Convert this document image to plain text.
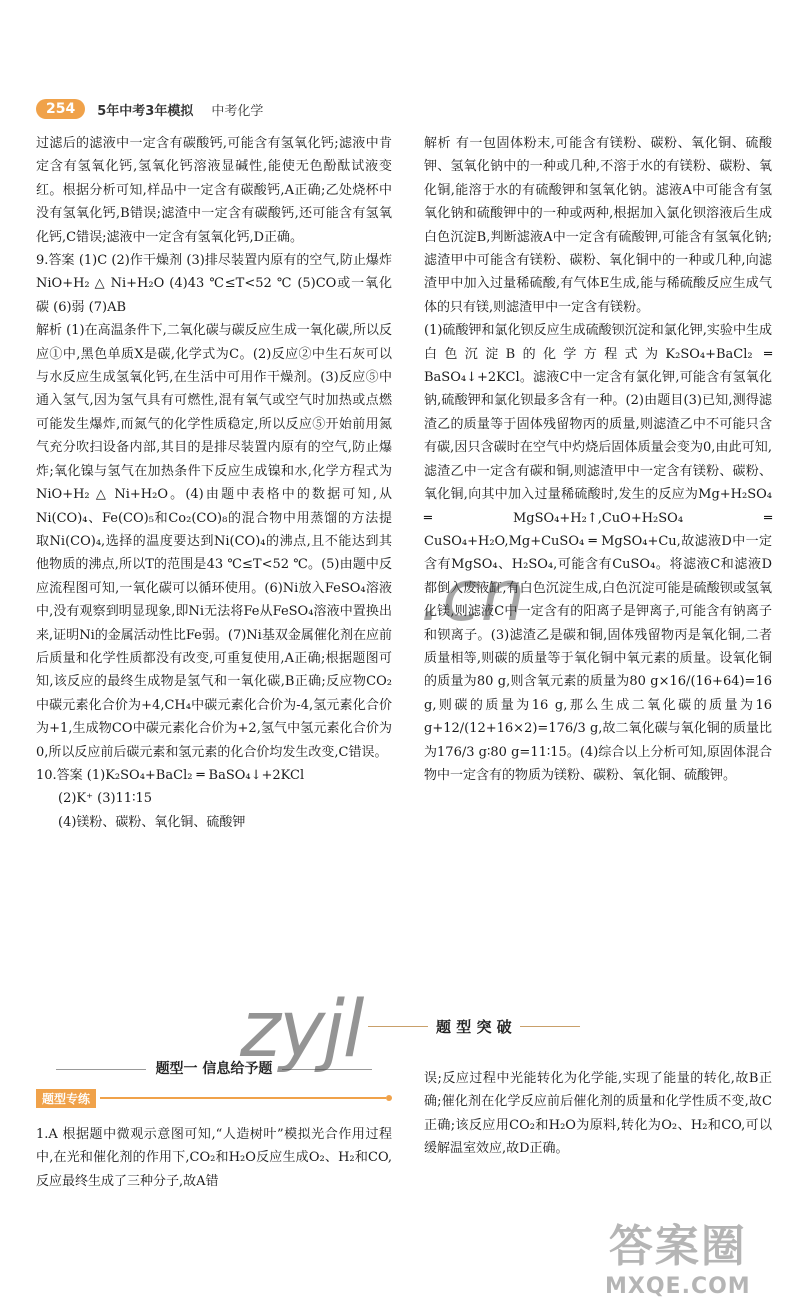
254	5年中考3年模拟 中考化学

过滤后的滤液中一定含有碳酸钙,可能含有氢氧化钙;滤液中肯定含有氢氧化钙,氢氧化钙溶液显碱性,能使无色酚酞试液变红。根据分析可知,样品中一定含有碳酸钙,A正确;乙处烧杯中没有氢氧化钙,B错误;滤渣中一定含有碳酸钙,还可能含有氢氧化钙,C错误;滤液中一定含有氢氧化钙,D正确。

9.答案 (1)C (2)作干燥剂 (3)排尽装置内原有的空气,防止爆炸 NiO+H₂ △ Ni+H₂O (4)43 ℃≤T<52 ℃ (5)CO或一氧化碳 (6)弱 (7)AB

解析 (1)在高温条件下,二氧化碳与碳反应生成一氧化碳,所以反应①中,黑色单质X是碳,化学式为C。(2)反应②中生石灰可以与水反应生成氢氧化钙,在生活中可用作干燥剂。(3)反应⑤中通入氢气,因为氢气具有可燃性,混有氧气或空气时加热或点燃可能发生爆炸,而氮气的化学性质稳定,所以反应⑤开始前用氮气充分吹扫设备内部,其目的是排尽装置内原有的空气,防止爆炸;氧化镍与氢气在加热条件下反应生成镍和水,化学方程式为NiO+H₂ △ Ni+H₂O。(4)由题中表格中的数据可知,从Ni(CO)₄、Fe(CO)₅和Co₂(CO)₈的混合物中用蒸馏的方法提取Ni(CO)₄,选择的温度要达到Ni(CO)₄的沸点,且不能达到其他物质的沸点,所以T的范围是43 ℃≤T<52 ℃。(5)由题中反应流程图可知,一氧化碳可以循环使用。(6)Ni放入FeSO₄溶液中,没有观察到明显现象,即Ni无法将Fe从FeSO₄溶液中置换出来,证明Ni的金属活动性比Fe弱。(7)Ni基双金属催化剂在应前后质量和化学性质都没有改变,可重复使用,A正确;根据题图可知,该反应的最终生成物是氢气和一氧化碳,B正确;反应物CO₂中碳元素化合价为+4,CH₄中碳元素化合价为-4,氢元素化合价为+1,生成物CO中碳元素化合价为+2,氢气中氢元素化合价为0,所以反应前后碳元素和氢元素的化合价均发生改变,C错误。

10.答案 (1)K₂SO₄+BaCl₂ ═ BaSO₄↓+2KCl

(2)K⁺ (3)11∶15

(4)镁粉、碳粉、氧化铜、硫酸钾

解析 有一包固体粉末,可能含有镁粉、碳粉、氧化铜、硫酸钾、氢氧化钠中的一种或几种,不溶于水的有镁粉、碳粉、氧化铜,能溶于水的有硫酸钾和氢氧化钠。滤液A中可能含有氢氧化钠和硫酸钾中的一种或两种,根据加入氯化钡溶液后生成白色沉淀B,判断滤液A中一定含有硫酸钾,可能含有氢氧化钠;滤渣甲中可能含有镁粉、碳粉、氧化铜中的一种或几种,向滤渣甲中加入过量稀硫酸,有气体E生成,能与稀硫酸反应生成气体的只有镁,则滤渣甲中一定含有镁粉。

(1)硫酸钾和氯化钡反应生成硫酸钡沉淀和氯化钾,实验中生成白色沉淀B的化学方程式为K₂SO₄+BaCl₂ ═ BaSO₄↓+2KCl。滤液C中一定含有氯化钾,可能含有氢氧化钠,硫酸钾和氯化钡最多含有一种。(2)由题目(3)已知,测得滤渣乙的质量等于固体残留物丙的质量,则滤渣乙中不可能只含有碳,因只含碳时在空气中灼烧后固体质量会变为0,由此可知,滤渣乙中一定含有碳和铜,则滤渣甲中一定含有镁粉、碳粉、氧化铜,向其中加入过量稀硫酸时,发生的反应为Mg+H₂SO₄ ═ MgSO₄+H₂↑,CuO+H₂SO₄ ═ CuSO₄+H₂O,Mg+CuSO₄ ═ MgSO₄+Cu,故滤液D中一定含有MgSO₄、H₂SO₄,可能含有CuSO₄。将滤液C和滤液D都倒入废液缸,有白色沉淀生成,白色沉淀可能是硫酸钡或氢氧化镁,则滤液C中一定含有的阳离子是钾离子,可能含有钠离子和钡离子。(3)滤渣乙是碳和铜,固体残留物丙是氧化铜,二者质量相等,则碳的质量等于氧化铜中氧元素的质量。设氧化铜的质量为80 g,则含氧元素的质量为80 g×16/(16+64)=16 g,则碳的质量为16 g,那么生成二氧化碳的质量为16 g+12/(12+16×2)=176/3 g,故二氧化碳与氧化铜的质量比为176/3 g∶80 g=11∶15。(4)综合以上分析可知,原固体混合物中一定含有的物质为镁粉、碳粉、氧化铜、硫酸钾。

题 型 突 破
题型一 信息给予题
题型专练

1.A 根据题中微观示意图可知,“人造树叶”模拟光合作用过程中,在光和催化剂的作用下,CO₂和H₂O反应生成O₂、H₂和CO,反应最终生成了三种分子,故A错

误;反应过程中光能转化为化学能,实现了能量的转化,故B正确;催化剂在化学反应前后催化剂的质量和化学性质不变,故C正确;该反应用CO₂和H₂O为原料,转化为O₂、H₂和CO,可以缓解温室效应,故D正确。

.cn
zyjl
答案圈
MXQE.COM
